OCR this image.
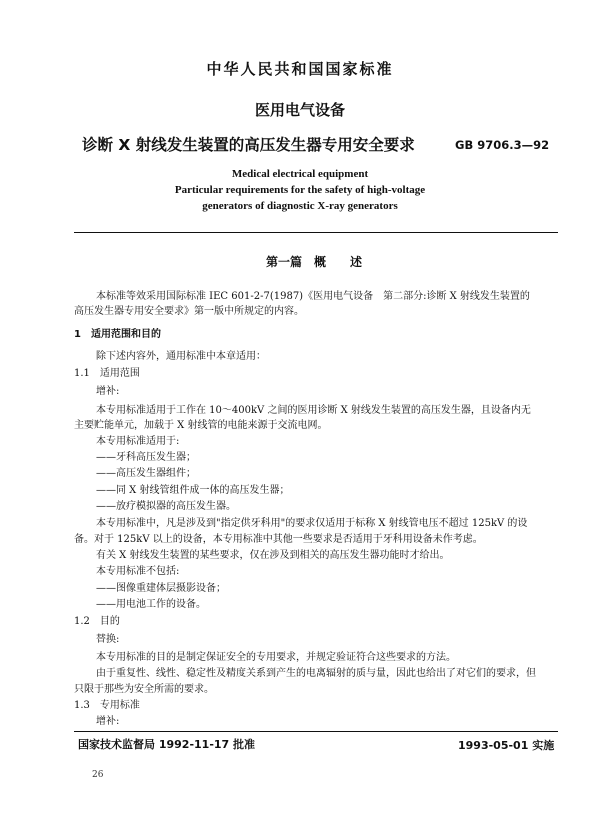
中华人民共和国国家标准
医用电气设备
诊断 X 射线发生装置的高压发生器专用安全要求	GB 9706.3—92
Medical electrical equipment
Particular requirements for the safety of high-voltage
generators of diagnostic X-ray generators
第一篇　概　　述
本标准等效采用国际标准 IEC 601-2-7(1987)《医用电气设备　第二部分:诊断 X 射线发生装置的
高压发生器专用安全要求》第一版中所规定的内容。
1　适用范围和目的
除下述内容外，通用标准中本章适用：
1.1　适用范围
增补:
本专用标准适用于工作在 10～400kV 之间的医用诊断 X 射线发生装置的高压发生器，且设备内无
主要贮能单元，加载于 X 射线管的电能来源于交流电网。
本专用标准适用于:
——牙科高压发生器；
——高压发生器组件；
——同 X 射线管组件成一体的高压发生器；
——放疗模拟器的高压发生器。
本专用标准中，凡是涉及到"指定供牙科用"的要求仅适用于标称 X 射线管电压不超过 125kV 的设
备。对于 125kV 以上的设备，本专用标准中其他一些要求是否适用于牙科用设备未作考虑。
有关 X 射线发生装置的某些要求，仅在涉及到相关的高压发生器功能时才给出。
本专用标准不包括:
——图像重建体层摄影设备；
——用电池工作的设备。
1.2　目的
替换:
本专用标准的目的是制定保证安全的专用要求，并规定验证符合这些要求的方法。
由于重复性、线性、稳定性及精度关系到产生的电离辐射的质与量，因此也给出了对它们的要求，但
只限于那些为安全所需的要求。
1.3　专用标准
增补:
国家技术监督局 1992-11-17 批准	1993-05-01 实施
26
